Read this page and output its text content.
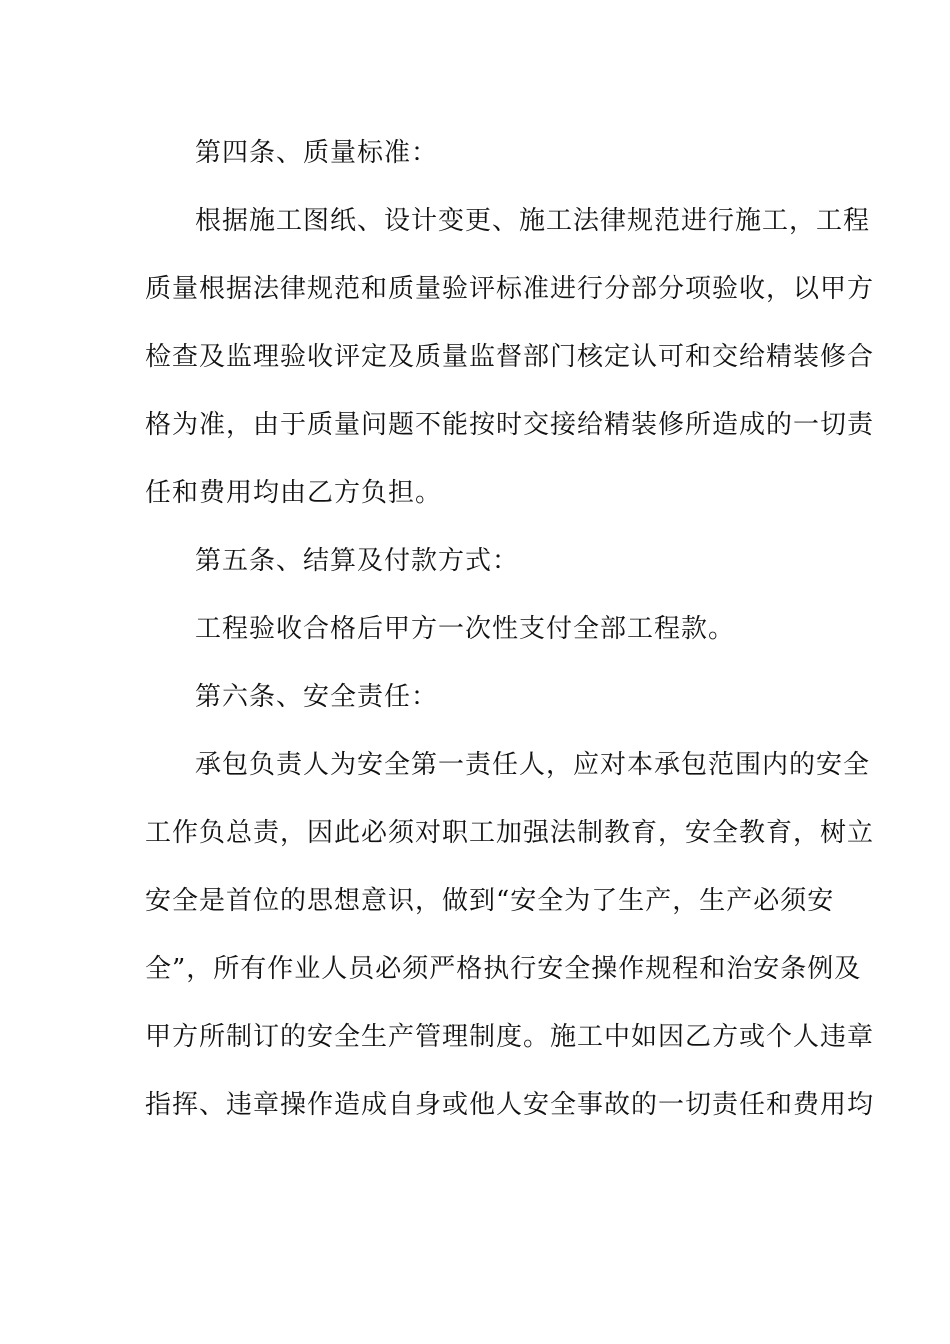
第四条、质量标准：
根据施工图纸、设计变更、施工法律规范进行施工，工程
质量根据法律规范和质量验评标准进行分部分项验收，以甲方
检查及监理验收评定及质量监督部门核定认可和交给精装修合
格为准，由于质量问题不能按时交接给精装修所造成的一切责
任和费用均由乙方负担。
第五条、结算及付款方式：
工程验收合格后甲方一次性支付全部工程款。
第六条、安全责任：
承包负责人为安全第一责任人，应对本承包范围内的安全
工作负总责，因此必须对职工加强法制教育，安全教育，树立
安全是首位的思想意识，做到“安全为了生产，生产必须安
全”，所有作业人员必须严格执行安全操作规程和治安条例及
甲方所制订的安全生产管理制度。施工中如因乙方或个人违章
指挥、违章操作造成自身或他人安全事故的一切责任和费用均
